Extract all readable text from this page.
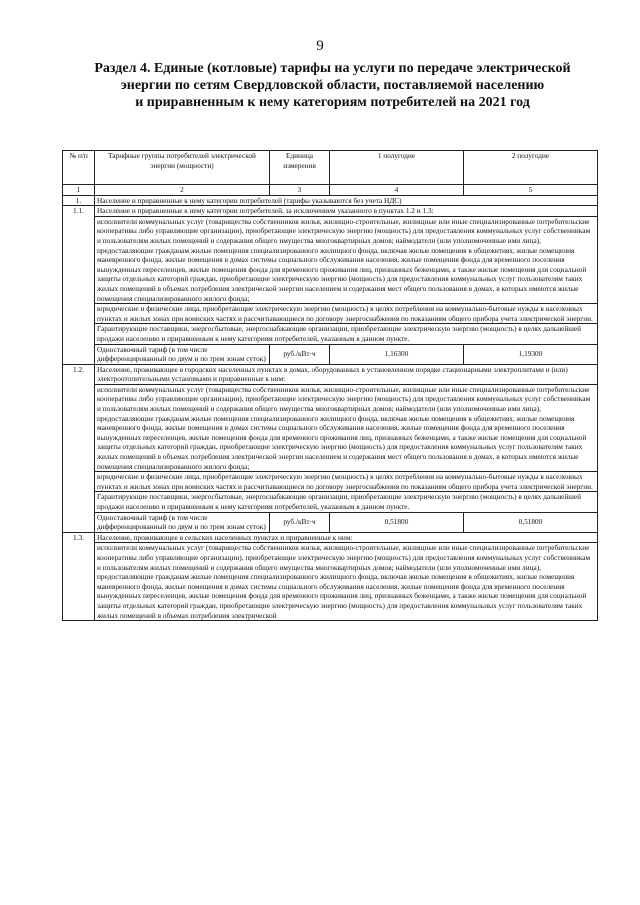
9
Раздел 4. Единые (котловые) тарифы на услуги по передаче электрической
энергии по сетям Свердловской области, поставляемой населению
и приравненным к нему категориям потребителей на 2021 год
№ п/п	Тарифные группы потребителей электрической энергии (мощности)	Единица измерения	1 полугодие	2 полугодие
1	2	3	4	5
1.	Население и приравненные к нему категории потребителей (тарифы указываются без учета НДС)			
1.1.	Население и приравненные к нему категории потребителей, за исключением указанного в пунктах 1.2 и 1.3:			
	исполнители коммунальных услуг (товарищества собственников жилья, жилищно-строительные, жилищные или иные специализированные потребительские кооперативы либо управляющие организации), приобретающие электрическую энергию (мощность) для предоставления коммунальных услуг собственникам и пользователям жилых помещений и содержания общего имущества многоквартирных домов; наймодатели (или уполномоченные ими лица), предоставляющие гражданам жилые помещения специализированного жилищного фонда, включая жилые помещения в общежитиях, жилые помещения маневренного фонда, жилые помещения в домах системы социального обслуживания населения, жилые помещения фонда для временного поселения вынужденных переселенцев, жилые помещения фонда для временного проживания лиц, признанных беженцами, а также жилые помещения для социальной защиты отдельных категорий граждан, приобретающие электрическую энергию (мощность) для предоставления коммунальных услуг пользователям таких жилых помещений в объемах потребления электрической энергии населением и содержания мест общего пользования в домах, в которых имеются жилые помещения специализированного жилого фонда;			
	юридические и физические лица, приобретающие электрическую энергию (мощность) в целях потребления на коммунально-бытовые нужды в населенных пунктах и жилых зонах при воинских частях и рассчитывающиеся по договору энергоснабжения по показаниям общего прибора учета электрической энергии.			
	Гарантирующие поставщики, энергосбытовые, энергоснабжающие организации, приобретающие электрическую энергию (мощность) в целях дальнейшей продажи населению и приравненным к нему категориям потребителей, указанным в данном пункте.			
	Одноставочный тариф (в том числе дифференцированный по двум и по трем зонам суток)	руб./кВт·ч	1,16300	1,19300
1.2.	Население, проживающее в городских населенных пунктах в домах, оборудованных в установленном порядке стационарными электроплитами и (или) электроотопительными установками и приравненные к ним:			
	исполнители коммунальных услуг (товарищества собственников жилья, жилищно-строительные, жилищные или иные специализированные потребительские кооперативы либо управляющие организации), приобретающие электрическую энергию (мощность) для предоставления коммунальных услуг собственникам и пользователям жилых помещений и содержания общего имущества многоквартирных домов; наймодатели (или уполномоченные ими лица), предоставляющие гражданам жилые помещения специализированного жилищного фонда, включая жилые помещения в общежитиях, жилые помещения маневренного фонда, жилые помещения в домах системы социального обслуживания населения, жилые помещения фонда для временного поселения вынужденных переселенцев, жилые помещения фонда для временного проживания лиц, признанных беженцами, а также жилые помещения для социальной защиты отдельных категорий граждан, приобретающие электрическую энергию (мощность) для предоставления коммунальных услуг пользователям таких жилых помещений в объемах потребления электрической энергии населением и содержания мест общего пользования в домах, в которых имеются жилые помещения специализированного жилого фонда;			
	юридические и физические лица, приобретающие электрическую энергию (мощность) в целях потребления на коммунально-бытовые нужды в населенных пунктах и жилых зонах при воинских частях и рассчитывающиеся по договору энергоснабжения по показаниям общего прибора учета электрической энергии.			
	Гарантирующие поставщики, энергосбытовые, энергоснабжающие организации, приобретающие электрическую энергию (мощность) в целях дальнейшей продажи населению и приравненным к нему категориям потребителей, указанным в данном пункте.			
	Одноставочный тариф (в том числе дифференцированный по двум и по трем зонам суток)	руб./кВт·ч	0,51800	0,51800
1.3.	Население, проживающее в сельских населенных пунктах и приравненные к ним:			
	исполнители коммунальных услуг (товарищества собственников жилья, жилищно-строительные, жилищные или иные специализированные потребительские кооперативы либо управляющие организации), приобретающие электрическую энергию (мощность) для предоставления коммунальных услуг собственникам и пользователям жилых помещений и содержания общего имущества многоквартирных домов; наймодатели (или уполномоченные ими лица), предоставляющие гражданам жилые помещения специализированного жилищного фонда, включая жилые помещения в общежитиях, жилые помещения маневренного фонда, жилые помещения в домах системы социального обслуживания населения, жилые помещения фонда для временного поселения вынужденных переселенцев, жилые помещения фонда для временного проживания лиц, признанных беженцами, а также жилые помещения для социальной защиты отдельных категорий граждан, приобретающие электрическую энергию (мощность) для предоставления коммунальных услуг пользователям таких жилых помещений в объемах потребления электрической			
